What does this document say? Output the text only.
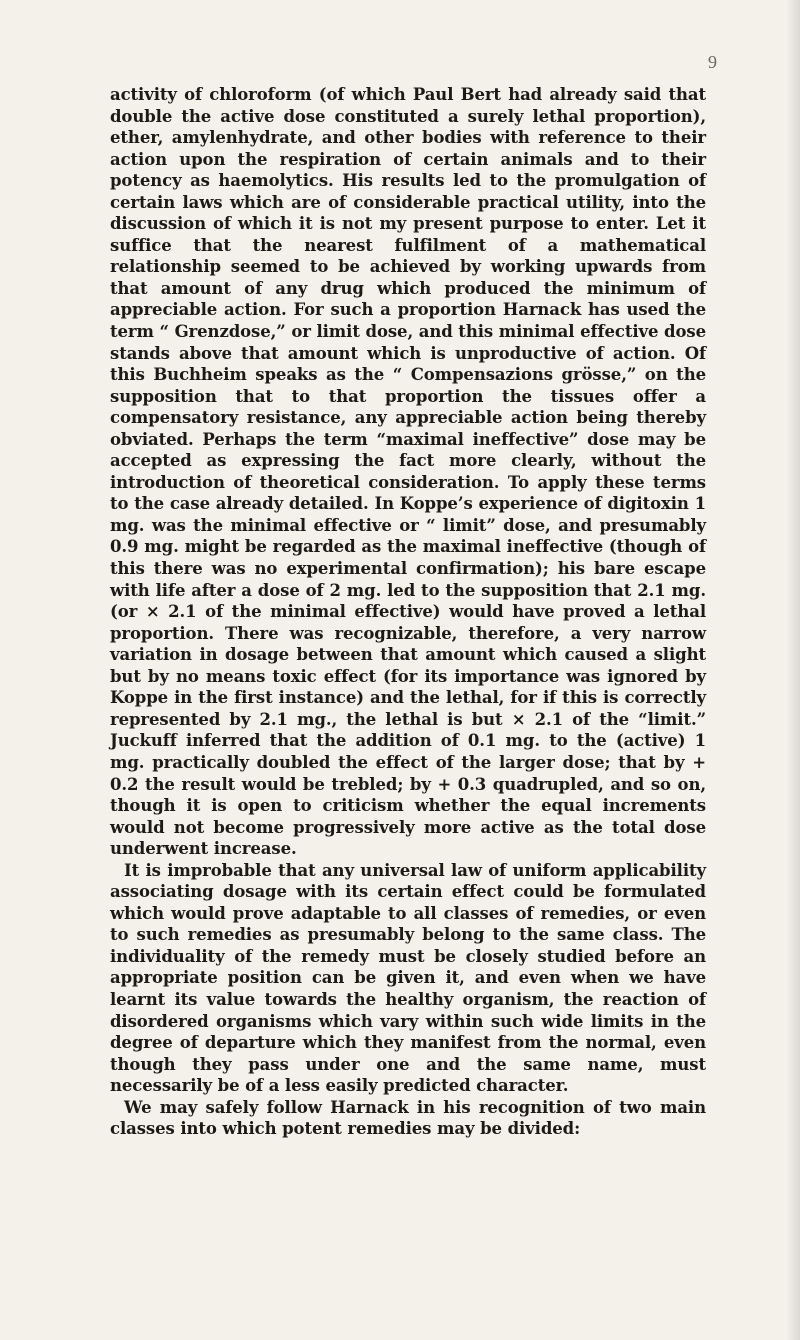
9

activity of chloroform (of which Paul Bert had already said that double the active dose constituted a surely lethal proportion), ether, amylenhydrate, and other bodies with reference to their action upon the respiration of certain animals and to their potency as haemolytics. His results led to the promulgation of certain laws which are of considerable practical utility, into the discussion of which it is not my present purpose to enter. Let it suffice that the nearest fulfilment of a mathematical relationship seemed to be achieved by working upwards from that amount of any drug which produced the minimum of appreciable action. For such a proportion Harnack has used the term “ Grenzdose,” or limit dose, and this minimal effective dose stands above that amount which is unproductive of action. Of this Buchheim speaks as the “ Compensazions grösse,” on the supposition that to that proportion the tissues offer a compensatory resistance, any appreciable action being thereby obviated. Perhaps the term “maximal ineffective” dose may be accepted as expressing the fact more clearly, without the introduction of theoretical consideration. To apply these terms to the case already detailed. In Koppe’s experience of digitoxin 1 mg. was the minimal effective or “ limit” dose, and presumably 0.9 mg. might be regarded as the maximal ineffective (though of this there was no experimental confirmation); his bare escape with life after a dose of 2 mg. led to the supposition that 2.1 mg. (or × 2.1 of the minimal effective) would have proved a lethal proportion. There was recognizable, therefore, a very narrow variation in dosage between that amount which caused a slight but by no means toxic effect (for its importance was ignored by Koppe in the first instance) and the lethal, for if this is correctly represented by 2.1 mg., the lethal is but × 2.1 of the “limit.” Juckuff inferred that the addition of 0.1 mg. to the (active) 1 mg. practically doubled the effect of the larger dose; that by + 0.2 the result would be trebled; by + 0.3 quadrupled, and so on, though it is open to criticism whether the equal increments would not become progressively more active as the total dose underwent increase.

It is improbable that any universal law of uniform applicability associating dosage with its certain effect could be formulated which would prove adaptable to all classes of remedies, or even to such remedies as presumably belong to the same class. The individuality of the remedy must be closely studied before an appropriate position can be given it, and even when we have learnt its value towards the healthy organism, the reaction of disordered organisms which vary within such wide limits in the degree of departure which they manifest from the normal, even though they pass under one and the same name, must necessarily be of a less easily predicted character.

We may safely follow Harnack in his recognition of two main classes into which potent remedies may be divided:
